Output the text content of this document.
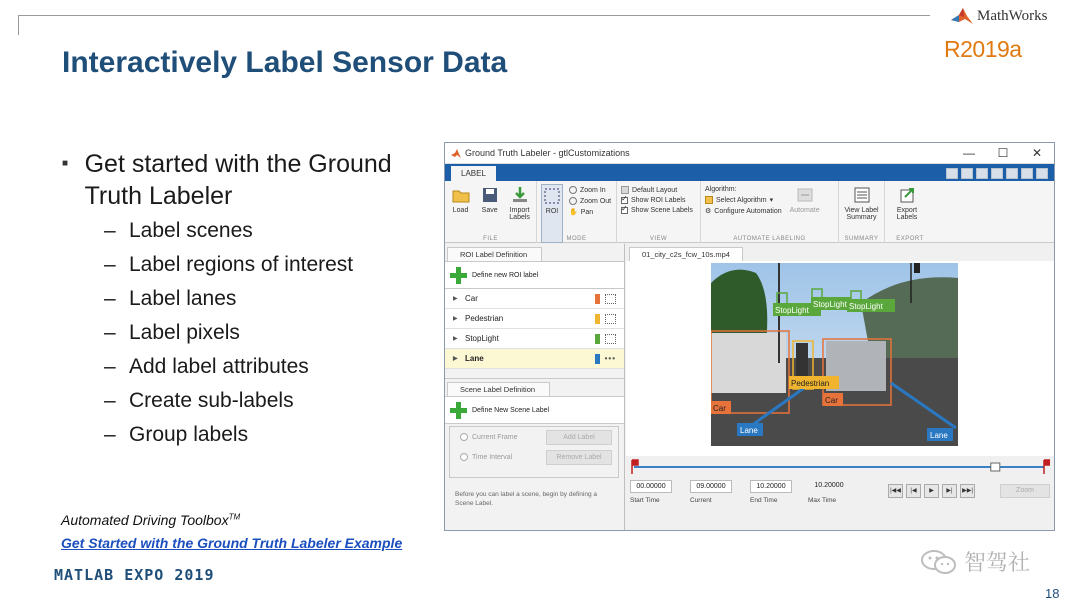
MathWorks
R2019a
Interactively Label Sensor Data
■ Get started with the Ground Truth Labeler
– Label scenes
– Label regions of interest
– Label lanes
– Label pixels
– Add label attributes
– Create sub-labels
– Group labels
Automated Driving Toolbox™
Get Started with the Ground Truth Labeler Example
MATLAB EXPO 2019	智驾社
18
Ground Truth Labeler - gtlCustomizations	—	☐	✕
LABEL
Load Save	Import Labels
FILE
ROI
Zoom In
Zoom Out
✋ Pan
MODE
Default Layout
✓
Show ROI Labels
✓
Show Scene Labels
VIEW
Algorithm:
Select Algorithm ▾
⚙ Configure Automation Automate
AUTOMATE LABELING
View Label Summary
SUMMARY
Export Labels
EXPORT
ROI Label Definition
Define new ROI label
▶ Car
▶ Pedestrian
▶ StopLight
▶ Lane	•••
Scene Label Definition
Define New Scene Label
Current Frame	Add Label
Time Interval	Remove Label
Before you can label a scene, begin by defining a Scene Label.
01_city_c2s_fcw_10s.mp4
StopLight
StopLight StopLight
Pedestrian
Car
Car
Lane
Lane
00.00000
Start Time
09.00000
Current
10.20000
End Time
10.20000
Max Time
|◀◀	|◀	▶	▶|	▶▶|	Zoom
